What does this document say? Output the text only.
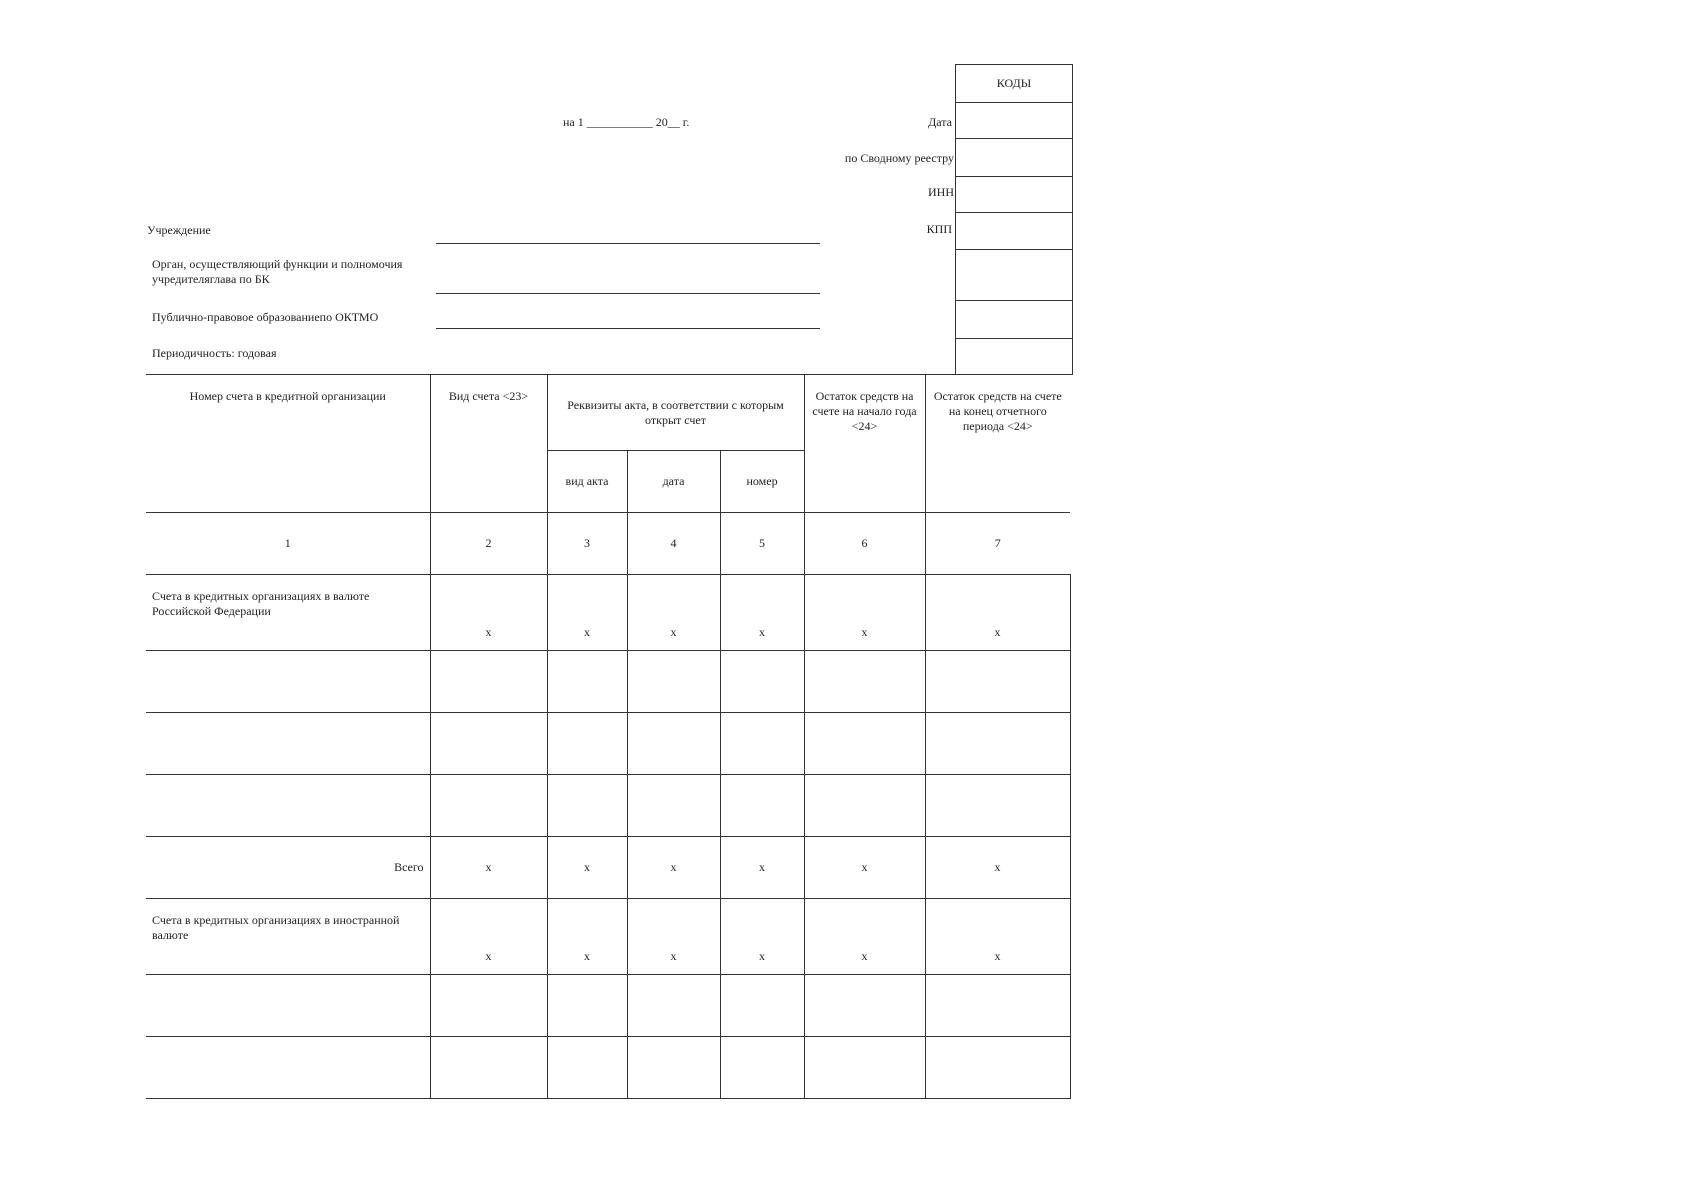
на 1 ___________ 20__ г.	Дата
по Сводному реестру
ИНН
КПП
КОДЫ
Учреждение
Орган, осуществляющий функции и полномочия учредителяглава по БК
Публично-правовое образованиепо ОКТМО
Периодичность: годовая
Номер счета в кредитной организации	Вид счета <23>	Реквизиты акта, в соответствии с которым открыт счет			Остаток средств на счете на начало года <24>	Остаток средств на счете на конец отчетного периода <24>
		вид акта	дата	номер		
1	2	3	4	5	6	7
Счета в кредитных организациях в валюте Российской Федерации	x	x	x	x	x	x

Всего	x	x	x	x	x	x
Счета в кредитных организациях в иностранной валюте	x	x	x	x	x	x
